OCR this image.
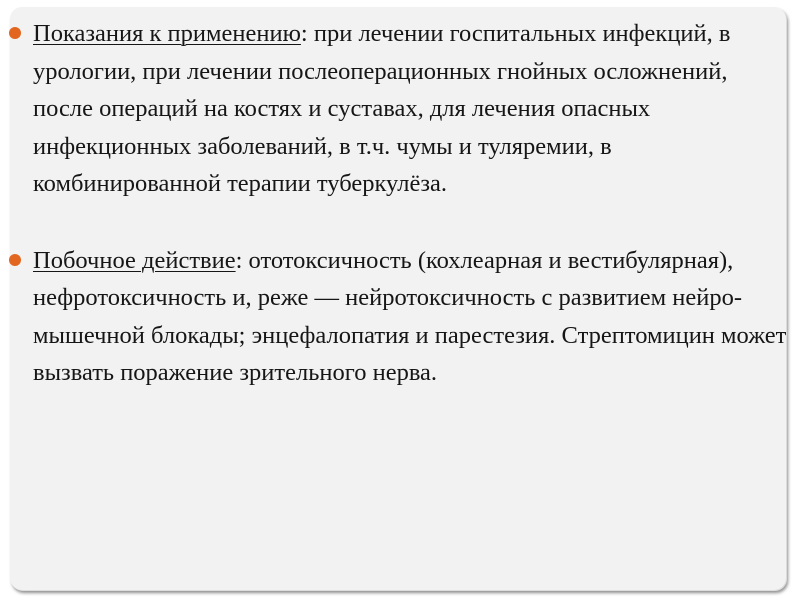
Показания к применению: при лечении госпитальных инфекций, в урологии, при лечении послеоперационных гнойных осложнений, после операций на костях и суставах, для лечения опасных инфекционных заболеваний, в т.ч. чумы и туляремии, в комбинированной терапии туберкулёза.

Побочное действие: ототоксичность (кохлеарная и вестибулярная), нефротоксичность и, реже — нейротоксичность с развитием нейро-мышечной блокады; энцефалопатия и парестезия. Стрептомицин может вызвать поражение зрительного нерва.
